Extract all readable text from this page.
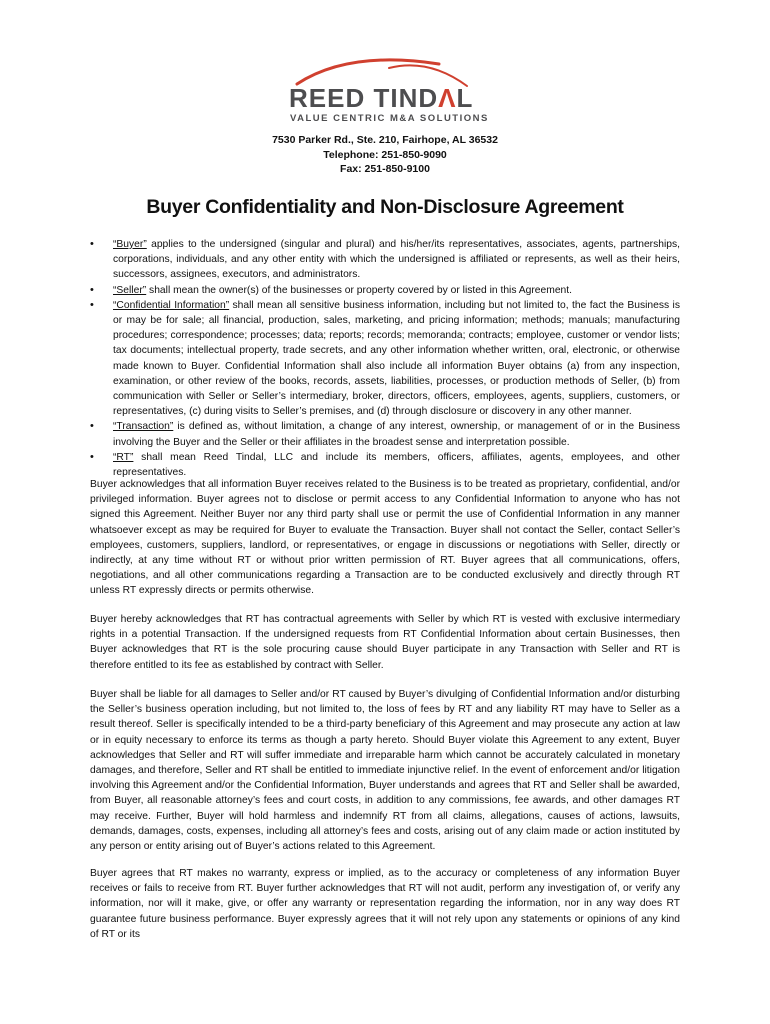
REED TINDΛL
VALUE CENTRIC M&A SOLUTIONS
7530 Parker Rd., Ste. 210, Fairhope, AL 36532
Telephone: 251-850-9090
Fax: 251-850-9100
Buyer Confidentiality and Non-Disclosure Agreement
• “Buyer” applies to the undersigned (singular and plural) and his/her/its representatives, associates, agents, partnerships, corporations, individuals, and any other entity with which the undersigned is affiliated or represents, as well as their heirs, successors, assignees, executors, and administrators.
• “Seller” shall mean the owner(s) of the businesses or property covered by or listed in this Agreement.
• “Confidential Information” shall mean all sensitive business information, including but not limited to, the fact the Business is or may be for sale; all financial, production, sales, marketing, and pricing information; methods; manuals; manufacturing procedures; correspondence; processes; data; reports; records; memoranda; contracts; employee, customer or vendor lists; tax documents; intellectual property, trade secrets, and any other information whether written, oral, electronic, or otherwise made known to Buyer. Confidential Information shall also include all information Buyer obtains (a) from any inspection, examination, or other review of the books, records, assets, liabilities, processes, or production methods of Seller, (b) from communication with Seller or Seller’s intermediary, broker, directors, officers, employees, agents, suppliers, customers, or representatives, (c) during visits to Seller’s premises, and (d) through disclosure or discovery in any other manner.
• “Transaction” is defined as, without limitation, a change of any interest, ownership, or management of or in the Business involving the Buyer and the Seller or their affiliates in the broadest sense and interpretation possible.
• “RT” shall mean Reed Tindal, LLC and include its members, officers, affiliates, agents, employees, and other representatives.

Buyer acknowledges that all information Buyer receives related to the Business is to be treated as proprietary, confidential, and/or privileged information. Buyer agrees not to disclose or permit access to any Confidential Information to anyone who has not signed this Agreement. Neither Buyer nor any third party shall use or permit the use of Confidential Information in any manner whatsoever except as may be required for Buyer to evaluate the Transaction. Buyer shall not contact the Seller, contact Seller’s employees, customers, suppliers, landlord, or representatives, or engage in discussions or negotiations with Seller, directly or indirectly, at any time without RT or without prior written permission of RT. Buyer agrees that all communications, offers, negotiations, and all other communications regarding a Transaction are to be conducted exclusively and directly through RT unless RT expressly directs or permits otherwise.

Buyer hereby acknowledges that RT has contractual agreements with Seller by which RT is vested with exclusive intermediary rights in a potential Transaction. If the undersigned requests from RT Confidential Information about certain Businesses, then Buyer acknowledges that RT is the sole procuring cause should Buyer participate in any Transaction with Seller and RT is therefore entitled to its fee as established by contract with Seller.

Buyer shall be liable for all damages to Seller and/or RT caused by Buyer’s divulging of Confidential Information and/or disturbing the Seller’s business operation including, but not limited to, the loss of fees by RT and any liability RT may have to Seller as a result thereof. Seller is specifically intended to be a third-party beneficiary of this Agreement and may prosecute any action at law or in equity necessary to enforce its terms as though a party hereto. Should Buyer violate this Agreement to any extent, Buyer acknowledges that Seller and RT will suffer immediate and irreparable harm which cannot be accurately calculated in monetary damages, and therefore, Seller and RT shall be entitled to immediate injunctive relief. In the event of enforcement and/or litigation involving this Agreement and/or the Confidential Information, Buyer understands and agrees that RT and Seller shall be awarded, from Buyer, all reasonable attorney’s fees and court costs, in addition to any commissions, fee awards, and other damages RT may receive. Further, Buyer will hold harmless and indemnify RT from all claims, allegations, causes of actions, lawsuits, demands, damages, costs, expenses, including all attorney’s fees and costs, arising out of any claim made or action instituted by any person or entity arising out of Buyer’s actions related to this Agreement.

Buyer agrees that RT makes no warranty, express or implied, as to the accuracy or completeness of any information Buyer receives or fails to receive from RT. Buyer further acknowledges that RT will not audit, perform any investigation of, or verify any information, nor will it make, give, or offer any warranty or representation regarding the information, nor in any way does RT guarantee future business performance. Buyer expressly agrees that it will not rely upon any statements or opinions of any kind of RT or its
